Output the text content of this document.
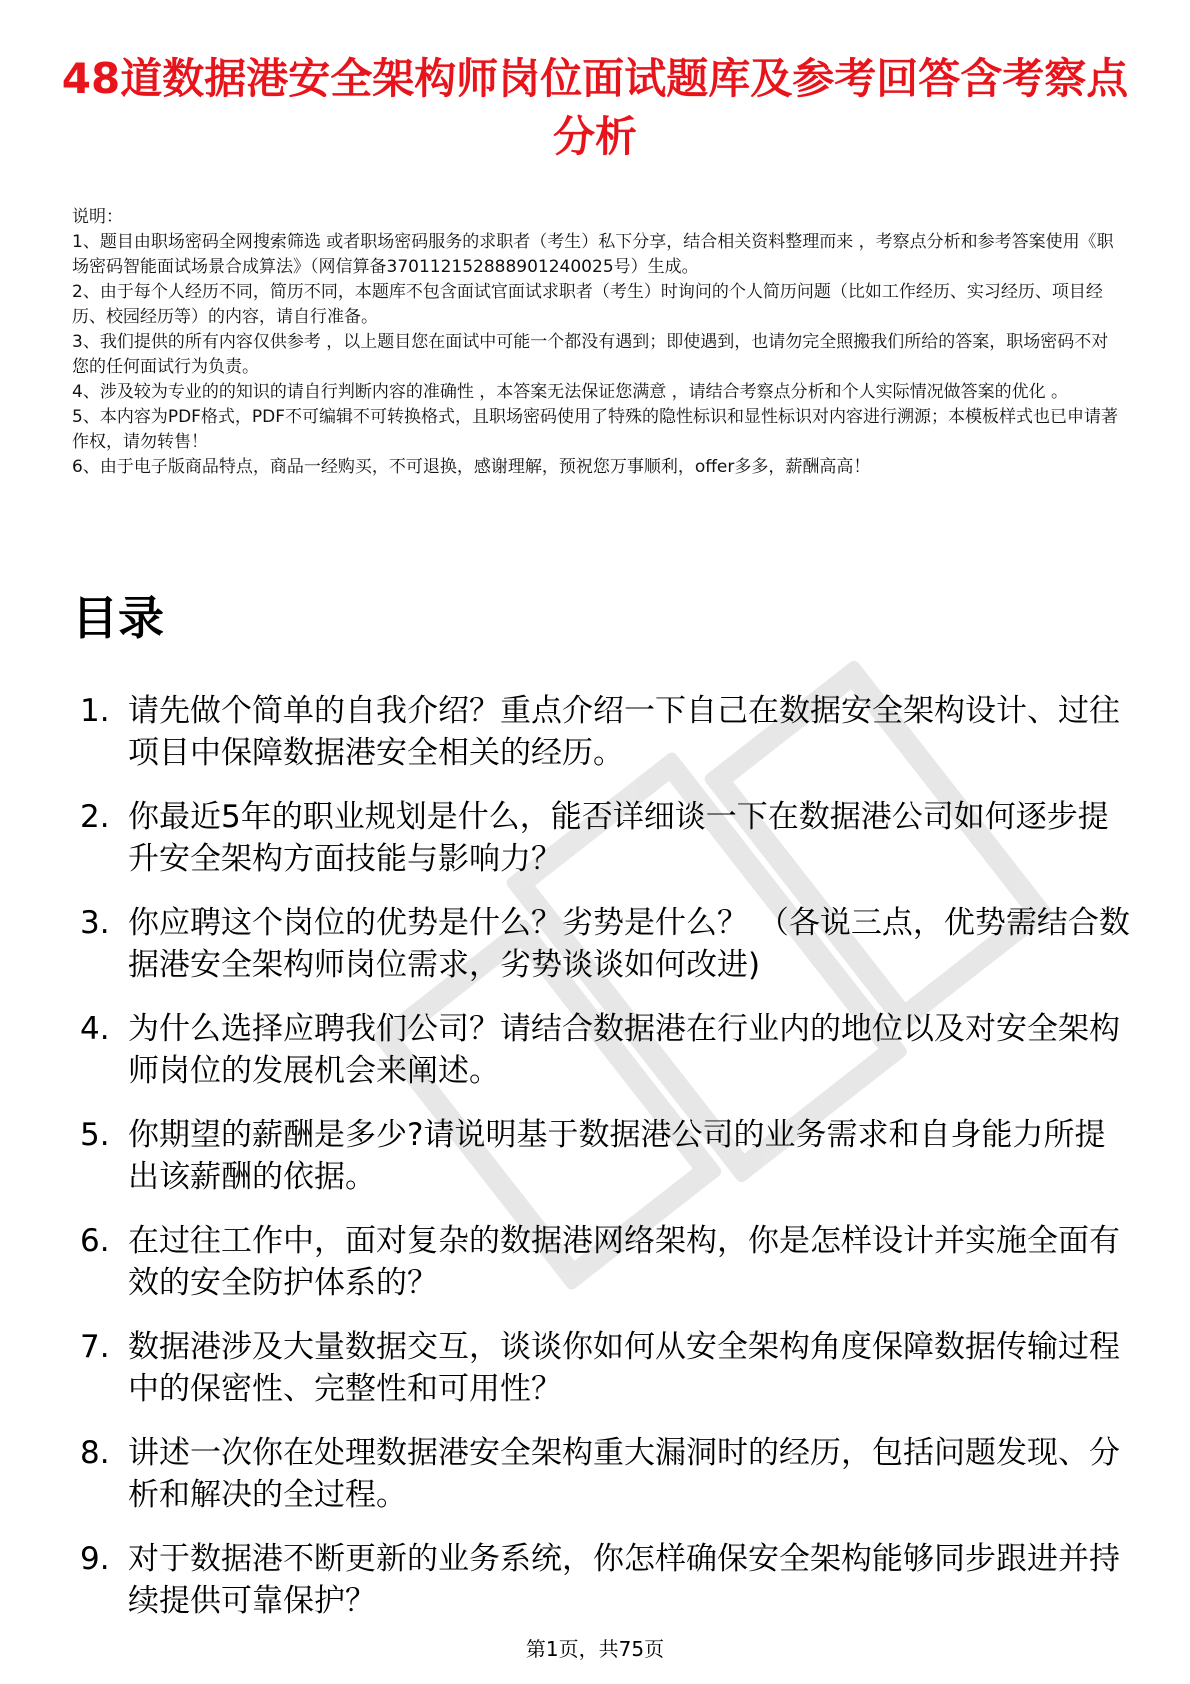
48道数据港安全架构师岗位面试题库及参考回答含考察点分析

说明：

1、题目由职场密码全网搜索筛选 或者职场密码服务的求职者（考生）私下分享，结合相关资料整理而来 ，考察点分析和参考答案使用《职场密码智能面试场景合成算法》（网信算备370112152888901240025号）生成。

2、由于每个人经历不同，简历不同，本题库不包含面试官面试求职者（考生）时询问的个人简历问题（比如工作经历、实习经历、项目经历、校园经历等）的内容，请自行准备。

3、我们提供的所有内容仅供参考 ，以上题目您在面试中可能一个都没有遇到；即使遇到，也请勿完全照搬我们所给的答案，职场密码不对您的任何面试行为负责。

4、涉及较为专业的的知识的请自行判断内容的准确性 ，本答案无法保证您满意 ，请结合考察点分析和个人实际情况做答案的优化 。

5、本内容为PDF格式，PDF不可编辑不可转换格式，且职场密码使用了特殊的隐性标识和显性标识对内容进行溯源；本模板样式也已申请著作权，请勿转售！

6、由于电子版商品特点，商品一经购买，不可退换，感谢理解，预祝您万事顺利，offer多多，薪酬高高！

目录
1. 请先做个简单的自我介绍？重点介绍一下自己在数据安全架构设计、过往项目中保障数据港安全相关的经历。
2. 你最近5年的职业规划是什么，能否详细谈一下在数据港公司如何逐步提升安全架构方面技能与影响力？
3. 你应聘这个岗位的优势是什么？劣势是什么？ （各说三点，优势需结合数据港安全架构师岗位需求，劣势谈谈如何改进)
4. 为什么选择应聘我们公司？请结合数据港在行业内的地位以及对安全架构师岗位的发展机会来阐述。
5. 你期望的薪酬是多少?请说明基于数据港公司的业务需求和自身能力所提出该薪酬的依据。
6. 在过往工作中，面对复杂的数据港网络架构，你是怎样设计并实施全面有效的安全防护体系的？
7. 数据港涉及大量数据交互，谈谈你如何从安全架构角度保障数据传输过程中的保密性、完整性和可用性？
8. 讲述一次你在处理数据港安全架构重大漏洞时的经历，包括问题发现、分析和解决的全过程。
9. 对于数据港不断更新的业务系统，你怎样确保安全架构能够同步跟进并持续提供可靠保护？
第1页，共75页
